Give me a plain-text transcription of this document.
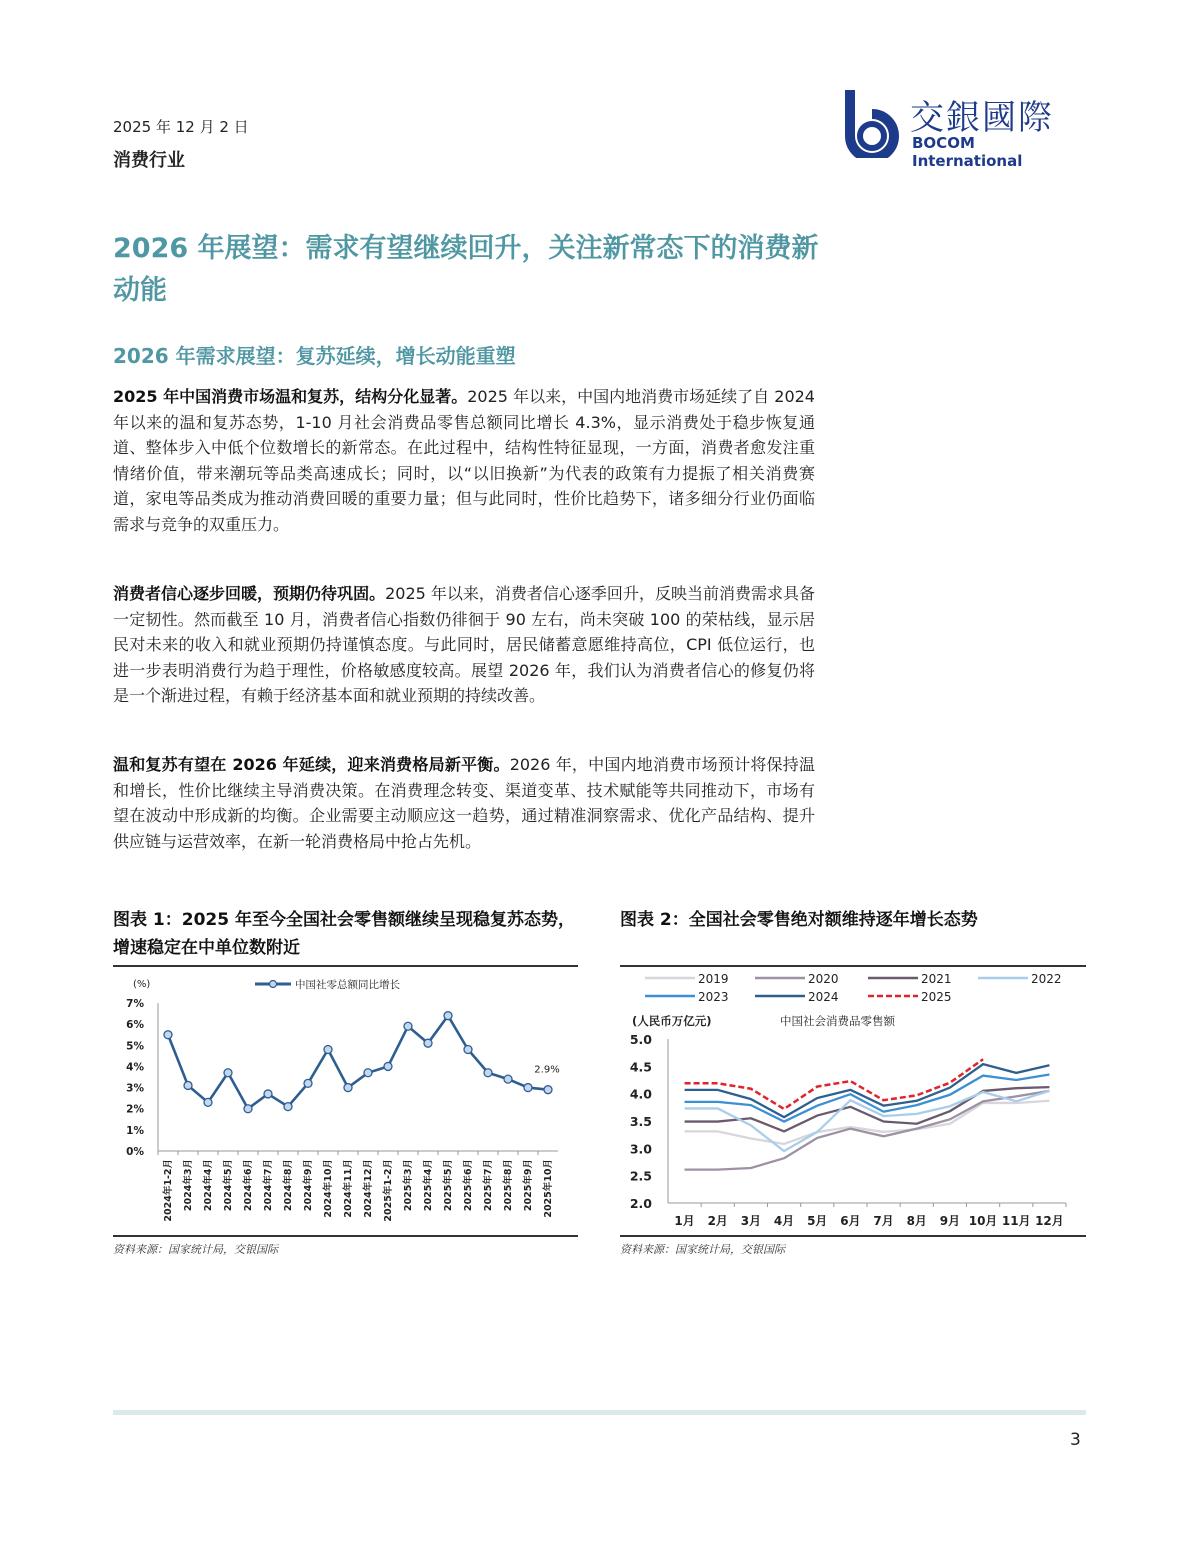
2025 年 12 月 2 日
消费行业
交銀國際
BOCOM International
2026 年展望：需求有望继续回升，关注新常态下的消费新动能
2026 年需求展望：复苏延续，增长动能重塑
2025 年中国消费市场温和复苏，结构分化显著。2025 年以来，中国内地消费市场延续了自 2024 年以来的温和复苏态势，1-10 月社会消费品零售总额同比增长 4.3%，显示消费处于稳步恢复通道、整体步入中低个位数增长的新常态。在此过程中，结构性特征显现，一方面，消费者愈发注重情绪价值，带来潮玩等品类高速成长；同时，以“以旧换新”为代表的政策有力提振了相关消费赛道，家电等品类成为推动消费回暖的重要力量；但与此同时，性价比趋势下，诸多细分行业仍面临需求与竞争的双重压力。
消费者信心逐步回暖，预期仍待巩固。2025 年以来，消费者信心逐季回升，反映当前消费需求具备一定韧性。然而截至 10 月，消费者信心指数仍徘徊于 90 左右，尚未突破 100 的荣枯线，显示居民对未来的收入和就业预期仍持谨慎态度。与此同时，居民储蓄意愿维持高位，CPI 低位运行，也进一步表明消费行为趋于理性，价格敏感度较高。展望 2026 年，我们认为消费者信心的修复仍将是一个渐进过程，有赖于经济基本面和就业预期的持续改善。
温和复苏有望在 2026 年延续，迎来消费格局新平衡。2026 年，中国内地消费市场预计将保持温和增长，性价比继续主导消费决策。在消费理念转变、渠道变革、技术赋能等共同推动下，市场有望在波动中形成新的均衡。企业需要主动顺应这一趋势，通过精准洞察需求、优化产品结构、提升供应链与运营效率，在新一轮消费格局中抢占先机。
图表 1：2025 年至今全国社会零售额继续呈现稳复苏态势，增速稳定在中单位数附近
(%)	中国社零总额同比增长
0%
1%
2%
3%
4%
5%
6%
7%
2024年1-2月 2024年3月 2024年4月 2024年5月 2024年6月 2024年7月 2024年8月 2024年9月 2024年10月 2024年11月 2024年12月 2025年1-2月 2025年3月 2025年4月 2025年5月 2025年6月 2025年7月 2025年8月 2025年9月 2025年10月
2.9%
资料来源：国家统计局，交银国际
图表 2：全国社会零售绝对额维持逐年增长态势
2019	2020	2021	2022
2023	2024	2025
(人民币万亿元)	中国社会消费品零售额
2.0
2.5
3.0
3.5
4.0
4.5
5.0
1月 2月 3月 4月 5月 6月 7月 8月 9月 10月 11月 12月
资料来源：国家统计局，交银国际
3
